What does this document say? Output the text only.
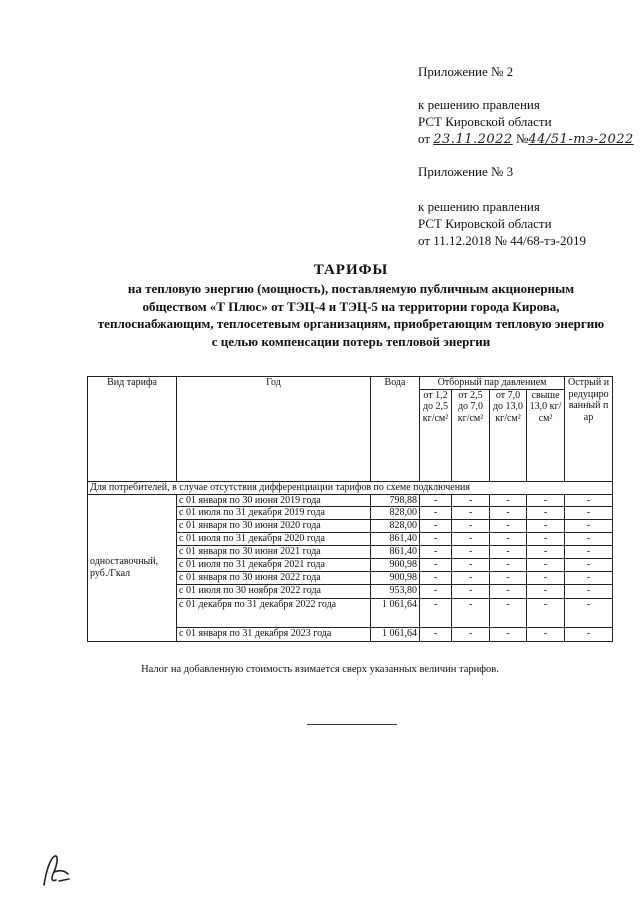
Приложение № 2
к решению правления
РСТ Кировской области
от 23.11.2022 №44/51-тэ-2022
Приложение № 3
к решению правления
РСТ Кировской области
от 11.12.2018 № 44/68-тэ-2019
ТАРИФЫ
на тепловую энергию (мощность), поставляемую публичным акционерным обществом «Т Плюс» от ТЭЦ-4 и ТЭЦ-5 на территории города Кирова, теплоснабжающим, теплосетевым организациям, приобретающим тепловую энергию с целью компенсации потерь тепловой энергии
Вид тарифа	Год	Вода	Отборный пар давлением				Острый и редуцированный пар
			от 1,2 до 2,5 кг/см²	от 2,5 до 7,0 кг/см²	от 7,0 до 13,0 кг/см²	свыше 13,0 кг/см²	
Для потребителей, в случае отсутствия дифференциации тарифов по схеме подключения							
одноставочный, руб./Гкал	с 01 января по 30 июня 2019 года	798,88	-	-	-	-	-
	с 01 июля по 31 декабря 2019 года	828,00	-	-	-	-	-
	с 01 января по 30 июня 2020 года	828,00	-	-	-	-	-
	с 01 июля по 31 декабря 2020 года	861,40	-	-	-	-	-
	с 01 января по 30 июня 2021 года	861,40	-	-	-	-	-
	с 01 июля по 31 декабря 2021 года	900,98	-	-	-	-	-
	с 01 января по 30 июня 2022 года	900,98	-	-	-	-	-
	с 01 июля по 30 ноября 2022 года	953,80	-	-	-	-	-
	с 01 декабря по 31 декабря 2022 года	1 061,64	-	-	-	-	-
	с 01 января по 31 декабря 2023 года	1 061,64	-	-	-	-	-
Налог на добавленную стоимость взимается сверх указанных величин тарифов.
